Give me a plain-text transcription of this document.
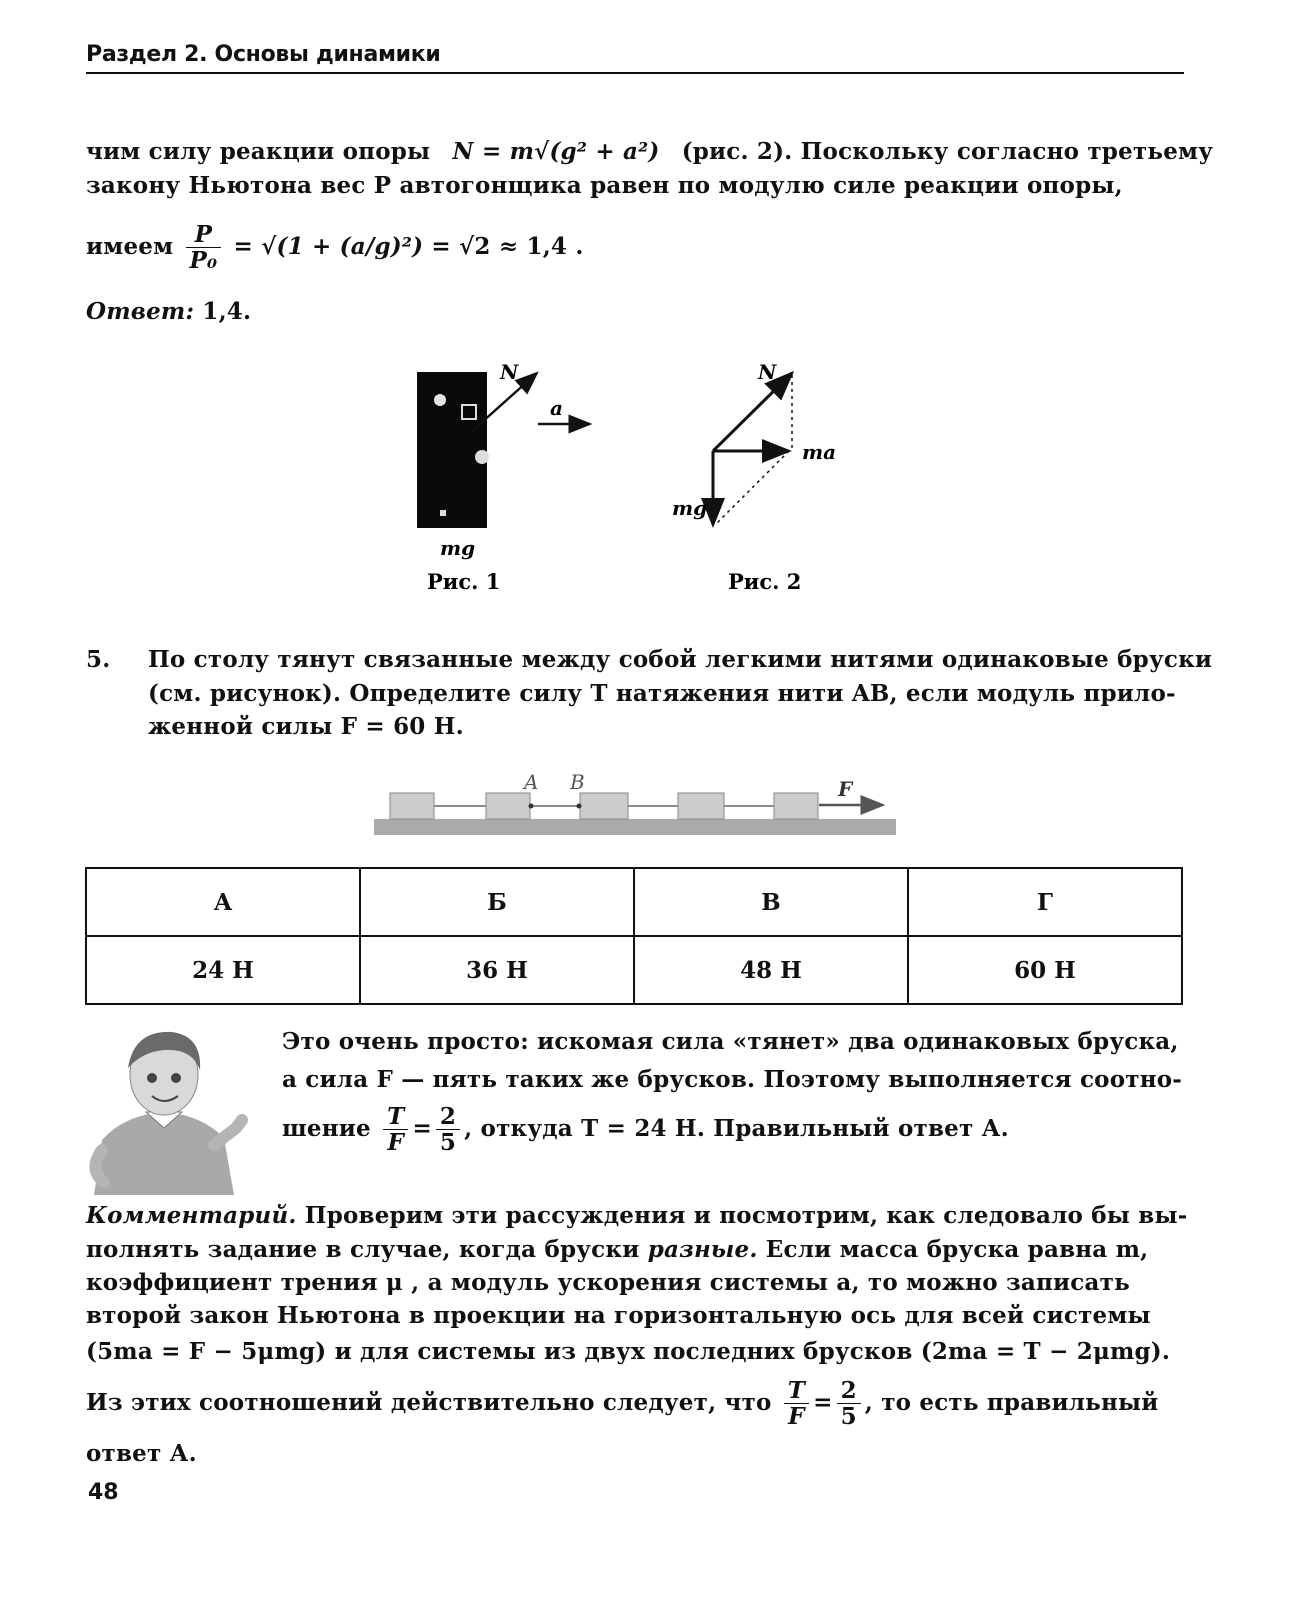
Раздел 2. Основы динамики
чим силу реакции опоры N = m√(g² + a²) (рис. 2). Поскольку согласно третьему
закону Ньютона вес P автогонщика равен по модулю силе реакции опоры,
имеем $\frac{P}{\text{P₀}} = √(1 + (a/g)^2) = √2 \approx 1,4$ .
Ответ: 1,4.
N
a
mg
Рис. 1
N
ma
mg
Рис. 2
5. По столу тянут связанные между собой легкими нитями одинаковые бруски
(см. рисунок). Определите силу T натяжения нити AB, если модуль прило-
женной силы F = 60 Н.
A B	F
А	Б	В	Г
24 Н	36 Н	48 Н	60 Н
Это очень просто: искомая сила «тянет» два одинаковых бруска,
а сила F — пять таких же брусков. Поэтому выполняется соотно-
шение $\frac{T}{F} = \frac{2}{5}$ , откуда T = 24 Н. Правильный ответ А.
Комментарий. Проверим эти рассуждения и посмотрим, как следовало бы вы-
полнять задание в случае, когда бруски разные. Если масса бруска равна m,
коэффициент трения μ , а модуль ускорения системы a, то можно записать
второй закон Ньютона в проекции на горизонтальную ось для всей системы
(5ma = F − 5μmg) и для системы из двух последних брусков (2ma = T − 2μmg).
Из этих соотношений действительно следует, что $\frac{T}{F} = \frac{2}{5}$ , то есть правильный
ответ А.
48
